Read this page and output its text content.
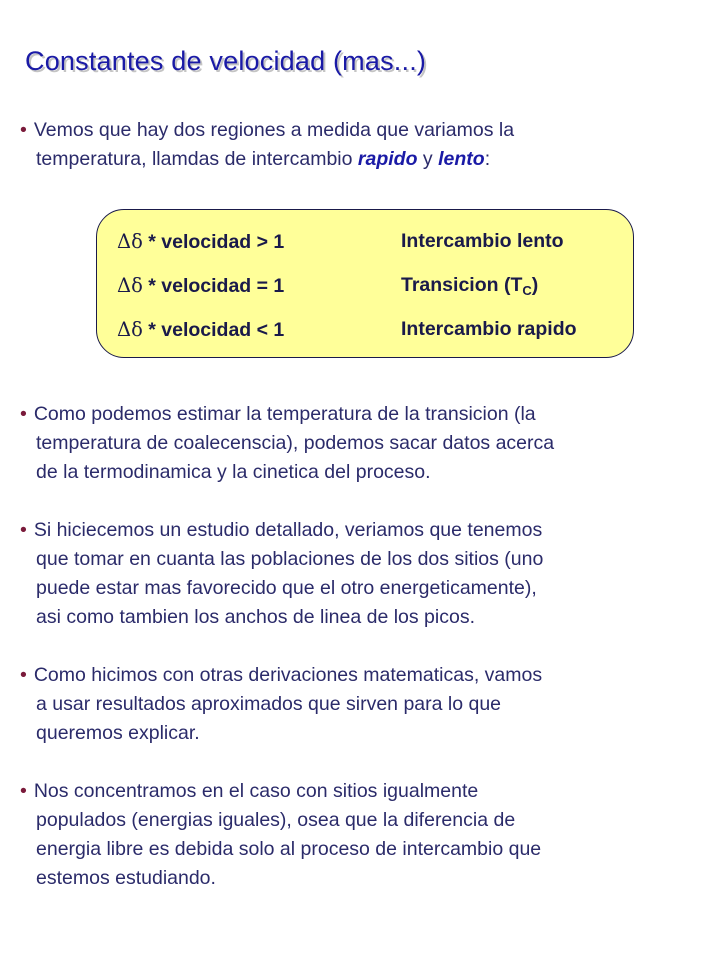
Constantes de velocidad (mas...)
• Vemos que hay dos regiones a medida que variamos la
temperatura, llamdas de intercambio rapido y lento:
Δδ * velocidad > 1	Intercambio lento
Δδ * velocidad = 1	Transicion $(T_C)$
Δδ * velocidad < 1	Intercambio rapido
• Como podemos estimar la temperatura de la transicion (la
temperatura de coalecenscia), podemos sacar datos acerca
de la termodinamica y la cinetica del proceso.
• Si hiciecemos un estudio detallado, veriamos que tenemos
que tomar en cuanta las poblaciones de los dos sitios (uno
puede estar mas favorecido que el otro energeticamente),
asi como tambien los anchos de linea de los picos.
• Como hicimos con otras derivaciones matematicas, vamos
a usar resultados aproximados que sirven para lo que
queremos explicar.
• Nos concentramos en el caso con sitios igualmente
populados (energias iguales), osea que la diferencia de
energia libre es debida solo al proceso de intercambio que
estemos estudiando.
